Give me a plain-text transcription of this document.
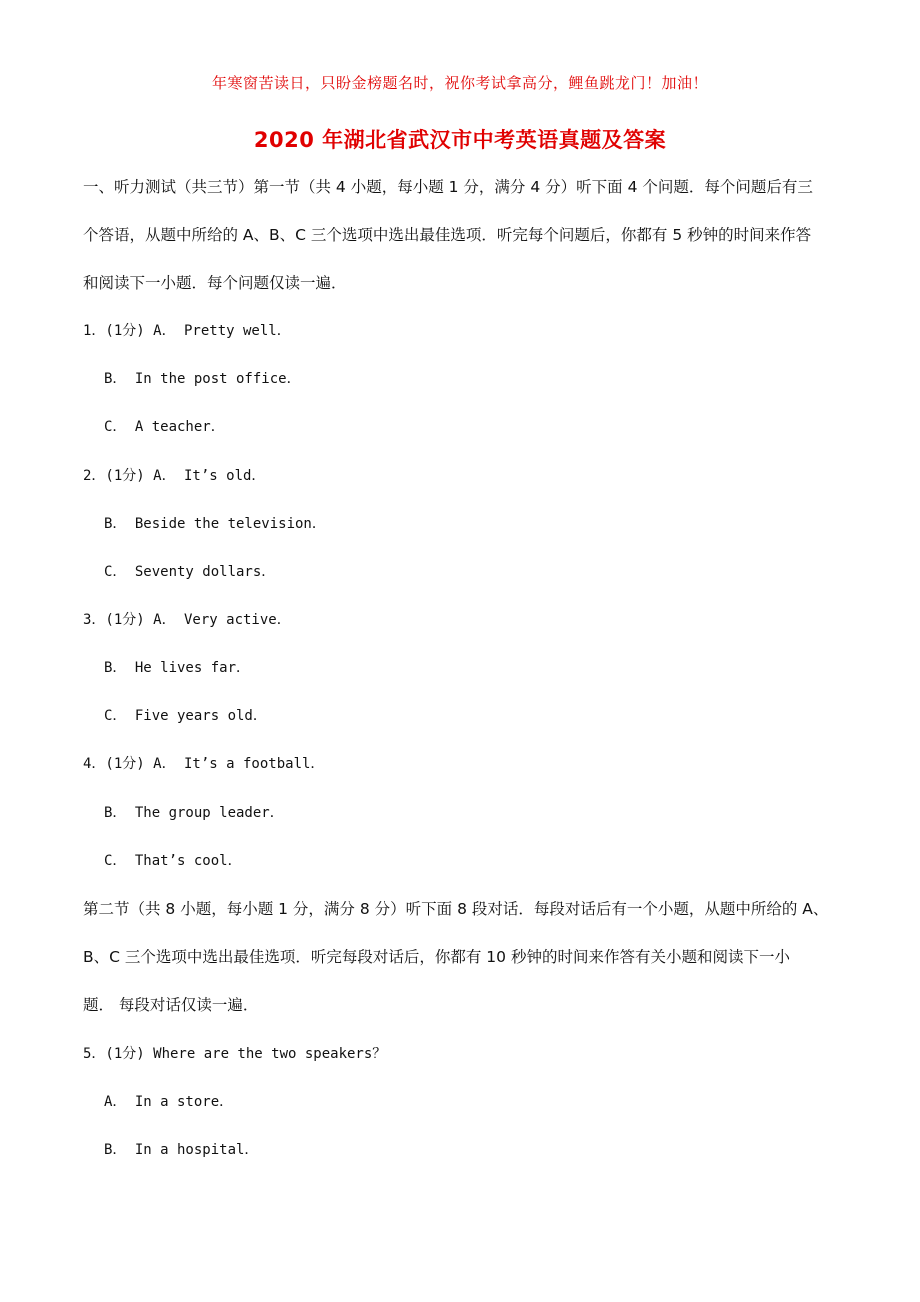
年寒窗苦读日，只盼金榜题名时，祝你考试拿高分，鲤鱼跳龙门！加油！
2020 年湖北省武汉市中考英语真题及答案
一、听力测试（共三节）第一节（共 4 小题，每小题 1 分，满分 4 分）听下面 4 个问题．每个问题后有三
个答语，从题中所给的 A、B、C 三个选项中选出最佳选项．听完每个问题后，你都有 5 秒钟的时间来作答
和阅读下一小题．每个问题仅读一遍．
1．(1分) A． Pretty well．
B． In the post office．
C． A teacher．
2．(1分) A． It’s old．
B． Beside the television．
C． Seventy dollars．
3．(1分) A． Very active．
B． He lives far．
C． Five years old．
4．(1分) A． It’s a football．
B． The group leader．
C． That’s cool．
第二节（共 8 小题，每小题 1 分，满分 8 分）听下面 8 段对话．每段对话后有一个小题，从题中所给的 A、
B、C 三个选项中选出最佳选项．听完每段对话后，你都有 10 秒钟的时间来作答有关小题和阅读下一小
题． 每段对话仅读一遍．
5．(1分) Where are the two speakers？
A． In a store．
B． In a hospital．
